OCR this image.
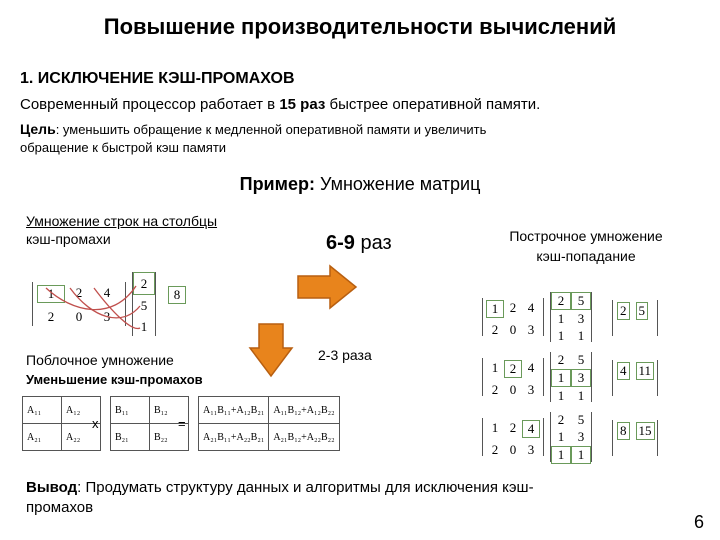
Повышение производительности вычислений
1. ИСКЛЮЧЕНИЕ КЭШ-ПРОМАХОВ
Современный процессор работает в 15 раз быстрее оперативной памяти.
Цель: уменьшить обращение к медленной оперативной памяти и увеличить
обращение к быстрой кэш памяти
Пример: Умножение матриц
Умножение строк на столбцы
кэш-промахи	Построчное умножение
кэш-попадание
6-9 раз
2-3 раза
1	2	4
2	0	3
2
5
1
8
Поблочное умножение
Уменьшение кэш-промахов
A₁₁	A₁₂
A₂₁	A₂₂
x
B₁₁	B₁₂
B₂₁	B₂₂
=
A₁₁B₁₁+A₁₂B₂₁	A₁₁B₁₂+A₁₂B₂₂
A₂₁B₁₁+A₂₂B₂₁	A₂₁B₁₂+A₂₂B₂₂
1 2 4
2 0 3
2	5
1	3
1	1
2 5
1 2 4
2 0 3
2	5
1	3
1	1
4 11
1 2 4
2 0 3
2	5
1	3
1	1
8 15
Вывод: Продумать структуру данных и алгоритмы для исключения кэш-
промахов
6
